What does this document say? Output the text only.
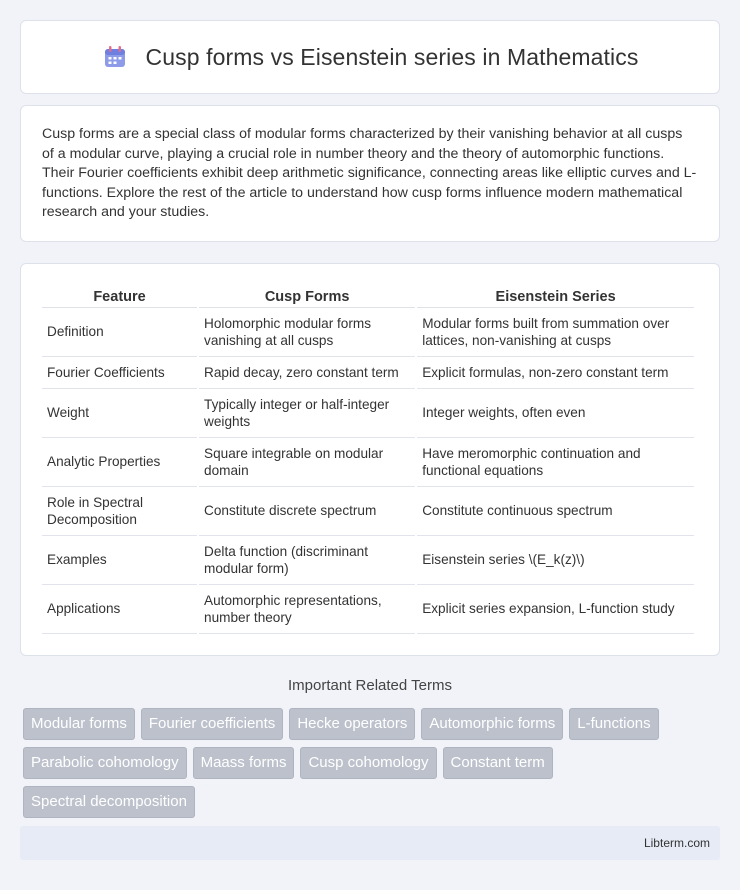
Cusp forms vs Eisenstein series in Mathematics

Cusp forms are a special class of modular forms characterized by their vanishing behavior at all cusps of a modular curve, playing a crucial role in number theory and the theory of automorphic functions. Their Fourier coefficients exhibit deep arithmetic significance, connecting areas like elliptic curves and L-functions. Explore the rest of the article to understand how cusp forms influence modern mathematical research and your studies.

Feature	Cusp Forms	Eisenstein Series
Definition	Holomorphic modular forms vanishing at all cusps	Modular forms built from summation over lattices, non-vanishing at cusps
Fourier Coefficients	Rapid decay, zero constant term	Explicit formulas, non-zero constant term
Weight	Typically integer or half-integer weights	Integer weights, often even
Analytic Properties	Square integrable on modular domain	Have meromorphic continuation and functional equations
Role in Spectral Decomposition	Constitute discrete spectrum	Constitute continuous spectrum
Examples	Delta function (discriminant modular form)	Eisenstein series \(E_k(z)\)
Applications	Automorphic representations, number theory	Explicit series expansion, L-function study
Important Related Terms
Modular forms	Fourier coefficients	Hecke operators	Automorphic forms	L-functions
Parabolic cohomology	Maass forms	Cusp cohomology	Constant term
Spectral decomposition
Libterm.com
